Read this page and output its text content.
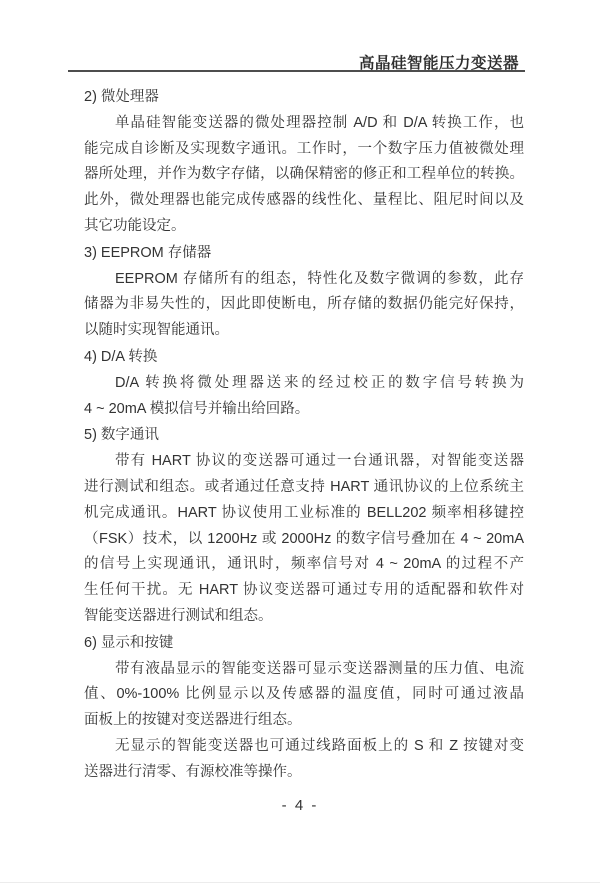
高晶硅智能压力变送器
2) 微处理器
单晶硅智能变送器的微处理器控制 A/D 和 D/A 转换工作，也
能完成自诊断及实现数字通讯。工作时，一个数字压力值被微处理
器所处理，并作为数字存储，以确保精密的修正和工程单位的转换。
此外，微处理器也能完成传感器的线性化、量程比、阻尼时间以及
其它功能设定。
3) EEPROM 存储器
EEPROM 存储所有的组态，特性化及数字微调的参数，此存
储器为非易失性的，因此即使断电，所存储的数据仍能完好保持，
以随时实现智能通讯。
4) D/A 转换
D/A 转换将微处理器送来的经过校正的数字信号转换为
4 ~ 20mA 模拟信号并输出给回路。
5) 数字通讯
带有 HART 协议的变送器可通过一台通讯器，对智能变送器
进行测试和组态。或者通过任意支持 HART 通讯协议的上位系统主
机完成通讯。HART 协议使用工业标准的 BELL202 频率相移键控
（FSK）技术，以 1200Hz 或 2000Hz 的数字信号叠加在 4 ~ 20mA
的信号上实现通讯，通讯时，频率信号对 4 ~ 20mA 的过程不产
生任何干扰。无 HART 协议变送器可通过专用的适配器和软件对
智能变送器进行测试和组态。
6) 显示和按键
带有液晶显示的智能变送器可显示变送器测量的压力值、电流
值、0%-100% 比例显示以及传感器的温度值，同时可通过液晶
面板上的按键对变送器进行组态。
无显示的智能变送器也可通过线路面板上的 S 和 Z 按键对变
送器进行清零、有源校准等操作。
- 4 -
